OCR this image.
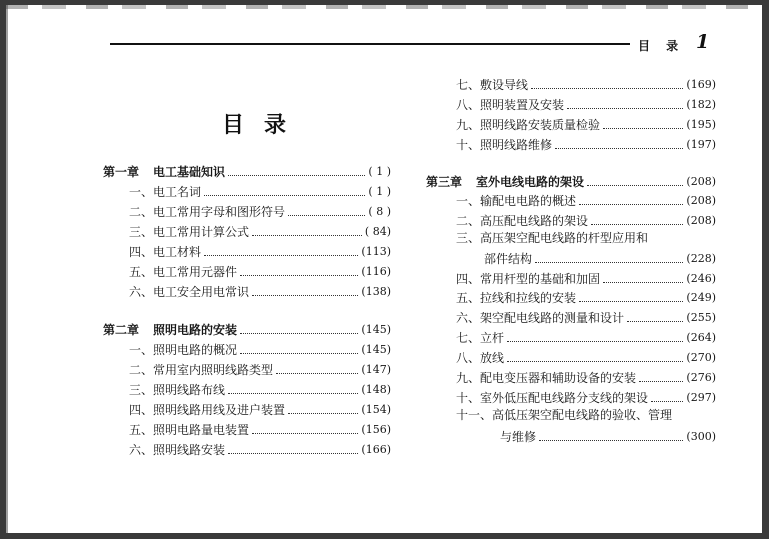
目 录 1
目录
第一章 电工基础知识	( 1 )
一、电工名词	( 1 )
二、电工常用字母和图形符号	( 8 )
三、电工常用计算公式	( 84)
四、电工材料	(113)
五、电工常用元器件	(116)
六、电工安全用电常识	(138)
第二章 照明电路的安装	(145)
一、照明电路的概况	(145)
二、常用室内照明线路类型	(147)
三、照明线路布线	(148)
四、照明线路用线及进户装置	(154)
五、照明电路量电装置	(156)
六、照明线路安装	(166)
七、敷设导线	(169)
八、照明装置及安装	(182)
九、照明线路安装质量检验	(195)
十、照明线路维修	(197)
第三章 室外电线电路的架设	(208)
一、输配电电路的概述	(208)
二、高压配电线路的架设	(208)
三、高压架空配电线路的杆型应用和
部件结构	(228)
四、常用杆型的基础和加固	(246)
五、拉线和拉线的安装	(249)
六、架空配电线路的测量和设计	(255)
七、立杆	(264)
八、放线	(270)
九、配电变压器和辅助设备的安装	(276)
十、室外低压配电线路分支线的架设	(297)
十一、高低压架空配电线路的验收、管理
与维修	(300)
